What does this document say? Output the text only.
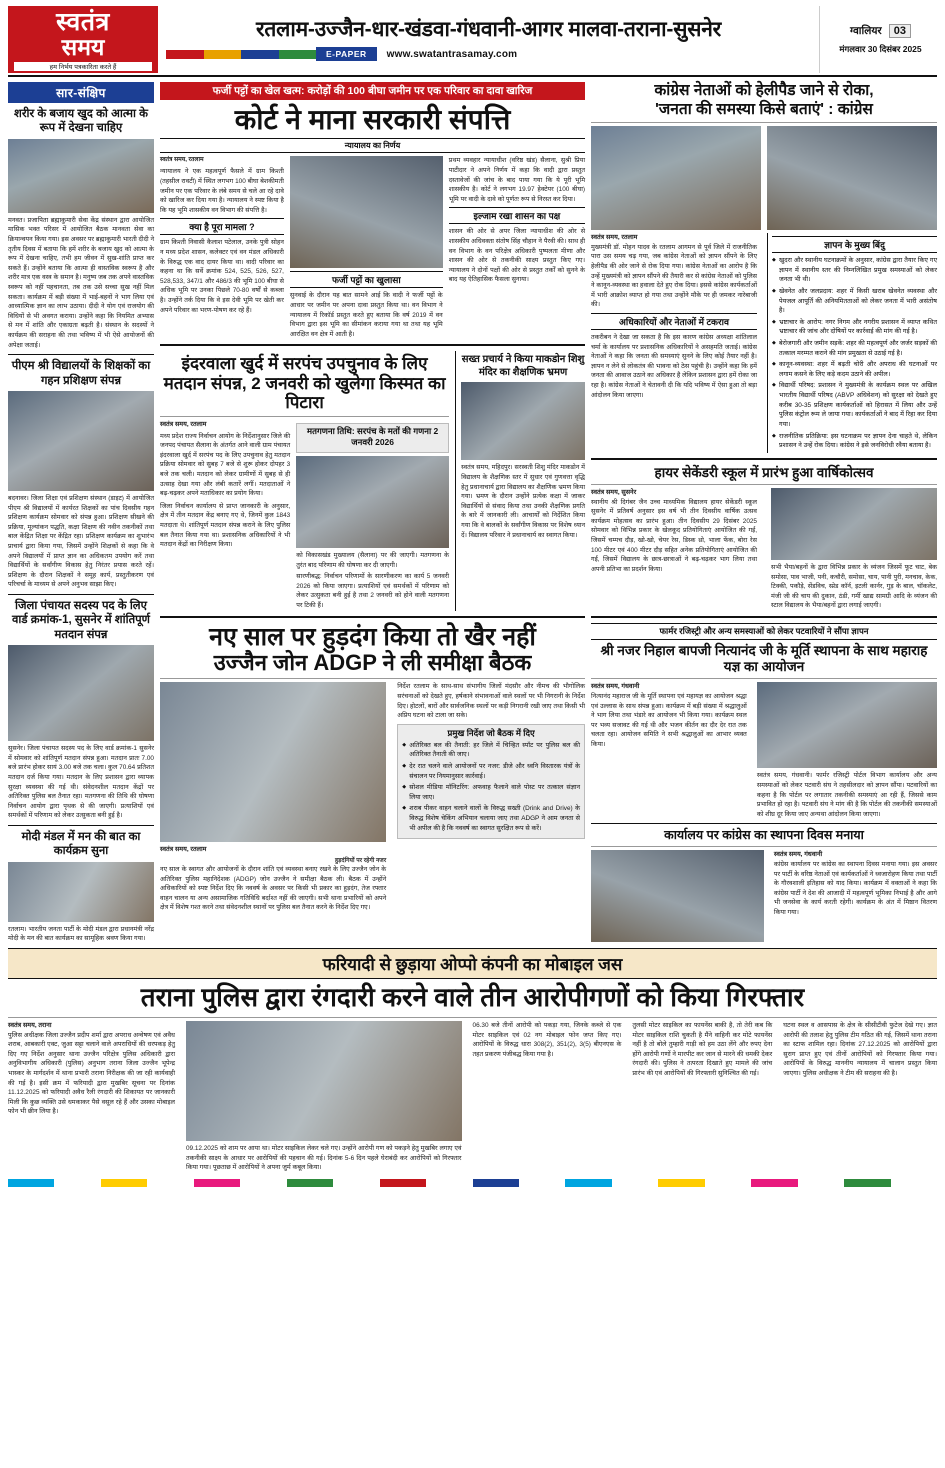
स्वतंत्र
समय
हम निर्भय पत्रकारिता करते हैं
रतलाम-उज्जैन-धार-खंडवा-गंधवानी-आगर मालवा-तराना-सुसनेर
E-PAPER	www.swatantrasamay.com
ग्वालियर	03
मंगलवार 30 दिसंबर 2025
सार-संक्षिप
शरीर के बजाय खुद को आत्मा के रूप में देखना चाहिए
मनवत। प्रजापिता ब्रह्माकुमारी सेवा केंद्र संस्थान द्वारा आयोजित मासिक भक्त परिसर में आयोजित बैठक मानवता सेवा का क्रियान्वयन किया गया। इस अवसर पर ब्रह्माकुमारी भारती दीदी ने तृतीय दिवस में बताया कि हमें शरीर के बजाय खुद को आत्मा के रूप में देखना चाहिए, तभी हम जीवन में सुख-शांति प्राप्त कर सकते हैं। उन्होंने बताया कि आत्मा ही वास्तविक स्वरूप है और शरीर मात्र एक वस्त्र के समान है। मनुष्य जब तक अपने वास्तविक स्वरूप को नहीं पहचानता, तब तक उसे सच्चा सुख नहीं मिल सकता। कार्यक्रम में बड़ी संख्या में भाई-बहनों ने भाग लिया एवं आध्यात्मिक ज्ञान का लाभ उठाया। दीदी ने योग एवं राजयोग की विधियों से भी अवगत कराया। उन्होंने कहा कि नियमित अभ्यास से मन में शांति और एकाग्रता बढ़ती है। संस्थान के सदस्यों ने कार्यक्रम की सराहना की तथा भविष्य में भी ऐसे आयोजनों की अपेक्षा जताई।
पीएम श्री विद्यालयों के शिक्षकों का गहन प्रशिक्षण संपन्न
बदनावर। जिला शिक्षा एवं प्रशिक्षण संस्थान (डाइट) में आयोजित पीएम श्री विद्यालयों में कार्यरत शिक्षकों का पांच दिवसीय गहन प्रशिक्षण कार्यक्रम सोमवार को संपन्न हुआ। प्रशिक्षण सीखने की प्रक्रिया, मूल्यांकन पद्धति, कक्षा शिक्षण की नवीन तकनीकों तथा बाल केंद्रित शिक्षा पर केंद्रित रहा। प्रशिक्षण कार्यक्रम का शुभारंभ प्राचार्य द्वारा किया गया, जिसमें उन्होंने शिक्षकों से कहा कि वे अपने विद्यालयों में प्राप्त ज्ञान का अधिकतम उपयोग करें तथा विद्यार्थियों के सर्वांगीण विकास हेतु निरंतर प्रयास करते रहें। प्रशिक्षण के दौरान शिक्षकों ने समूह कार्य, प्रस्तुतीकरण एवं परिचर्चा के माध्यम से अपने अनुभव साझा किए।
जिला पंचायत सदस्य पद के लिए वार्ड क्रमांक-1, सुसनेर में शांतिपूर्ण मतदान संपन्न
सुसनेर। जिला पंचायत सदस्य पद के लिए वार्ड क्रमांक-1 सुसनेर में सोमवार को शांतिपूर्ण मतदान संपन्न हुआ। मतदान प्रातः 7.00 बजे प्रारंभ होकर सायं 3.00 बजे तक चला। कुल 70.64 प्रतिशत मतदान दर्ज किया गया। मतदान के लिए प्रशासन द्वारा व्यापक सुरक्षा व्यवस्था की गई थी। संवेदनशील मतदान केंद्रों पर अतिरिक्त पुलिस बल तैनात रहा। मतगणना की तिथि की घोषणा निर्वाचन आयोग द्वारा पृथक से की जाएगी। प्रत्याशियों एवं समर्थकों में परिणाम को लेकर उत्सुकता बनी हुई है।
मोदी मंडल में मन की बात का कार्यक्रम सुना
रतलाम। भारतीय जनता पार्टी के मोदी मंडल द्वारा प्रधानमंत्री नरेंद्र मोदी के मन की बात कार्यक्रम का सामूहिक श्रवण किया गया।
फर्जी पट्टों का खेल खत्म: करोड़ों की 100 बीघा जमीन पर एक परिवार का दावा खारिज
कोर्ट ने माना सरकारी संपत्ति
न्यायालय का निर्णय
स्वतंत्र समय, रतलाम
न्यायालय ने एक महत्वपूर्ण फैसले में ग्राम किश्ती (तहसील रावटी) में स्थित लगभग 100 बीघा बेशकीमती जमीन पर एक परिवार के लंबे समय से चले आ रहे दावे को खारिज कर दिया गया है। न्यायालय ने स्पष्ट किया है कि यह भूमि शासकीय वन विभाग की संपत्ति है।
क्या है पूरा मामला ?
ग्राम किश्ती निवासी कैलाश पटेलाल, उनके पुत्री सोहन न मध्य प्रदेश शासन, कलेक्टर एवं वन मंडल अधिकारी के विरुद्ध एक वाद दायर किया था। वादी परिवार का कहना था कि सर्वे क्रमांक 524, 525, 526, 527, 528,533, 347/1 और 486/3 की भूमि 100 बीघा से अधिक भूमि पर उनका पिछले 70-80 वर्षों से कब्जा है। उन्होंने तर्क दिया कि वे इस देवी भूमि पर खेती कर अपने परिवार का भरण-पोषण कर रहे हैं।
फर्जी पट्टों का खुलासा
सुनवाई के दौरान यह बात सामने आई कि वादी ने फर्जी पट्टों के आधार पर जमीन पर अपना दावा प्रस्तुत किया था। वन विभाग ने न्यायालय में रिकॉर्ड प्रस्तुत करते हुए बताया कि वर्ष 2019 में वन विभाग द्वारा इस भूमि का सीमांकन कराया गया था तथा यह भूमि आरक्षित वन क्षेत्र में आती है।
प्रथम व्यवहार न्यायाधीश (वरिष्ठ खंड) सैलाना, सुश्री प्रिया पाटीदार ने अपने निर्णय में कहा कि वादी द्वारा प्रस्तुत दस्तावेजों की जांच के बाद पाया गया कि ये पूरी भूमि शासकीय है। कोर्ट ने लगभग 19.97 हेक्टेयर (100 बीघा) भूमि पर वादी के दावे को पूर्णतः रूप से निरस्त कर दिया।
इल्जाम रखा शासन का पक्ष
शासन की ओर से अपर जिला न्यायाधीश की ओर से शासकीय अधिवक्ता संतोष सिंह चौहान ने पैरवी की। साथ ही वन विभाग के वन परिक्षेत्र अधिकारी पुष्पलता मीणा और शासन की ओर से तकनीकी साक्ष्य प्रस्तुत किए गए। न्यायालय ने दोनों पक्षों की ओर से प्रस्तुत तर्कों को सुनने के बाद यह ऐतिहासिक फैसला सुनाया।
इंदरवाला खुर्द में सरपंच उपचुनाव के लिए मतदान संपन्न, 2 जनवरी को खुलेगा किस्मत का पिटारा
स्वतंत्र समय, रतलाम
मध्य प्रदेश राज्य निर्वाचन आयोग के निर्देशानुसार जिले की जनपद पंचायत सैलाना के अंतर्गत आने वाली ग्राम पंचायत इंदरवाला खुर्द में सरपंच पद के लिए उपचुनाव हेतु मतदान प्रक्रिया सोमवार को सुबह 7 बजे से शुरू होकर दोपहर 3 बजे तक चली। मतदान को लेकर ग्रामीणों में सुबह से ही उत्साह देखा गया और लंबी कतारें लगीं। मतदाताओं ने बढ़-चढ़कर अपने मताधिकार का प्रयोग किया।
जिला निर्वाचन कार्यालय से प्राप्त जानकारी के अनुसार, क्षेत्र में तीन मतदान केंद्र बनाए गए थे, जिनमें कुल 1843 मतदाता थे। शांतिपूर्ण मतदान संपन्न कराने के लिए पुलिस बल तैनात किया गया था। प्रशासनिक अधिकारियों ने भी मतदान केंद्रों का निरीक्षण किया।
मतगणना तिथि: सरपंच के मतों की गणना 2 जनवरी 2026
को विकासखंड मुख्यालय (सैलाना) पर की जाएगी। मतगणना के तुरंत बाद परिणाम की घोषणा कर दी जाएगी।
सारणीबद्ध: निर्वाचन परिणामों के सारणीकरण का कार्य 5 जनवरी 2026 को किया जाएगा। प्रत्याशियों एवं समर्थकों में परिणाम को लेकर उत्सुकता बनी हुई है तथा 2 जनवरी को होने वाली मतगणना पर टिकी हैं।
सख्त प्रचार्य ने किया माकडोन शिशु मंदिर का शैक्षणिक भ्रमण
स्वतंत्र समय, महिदपुर। सरस्वती शिशु मंदिर माकडोन में विद्यालय के शैक्षणिक स्तर में सुधार एवं गुणवत्ता वृद्धि हेतु प्रधानाचार्य द्वारा विद्यालय का शैक्षणिक भ्रमण किया गया। भ्रमण के दौरान उन्होंने प्रत्येक कक्षा में जाकर विद्यार्थियों से संवाद किया तथा उनकी शैक्षणिक प्रगति के बारे में जानकारी ली। आचार्यों को निर्देशित किया गया कि वे बालकों के सर्वांगीण विकास पर विशेष ध्यान दें। विद्यालय परिवार ने प्रधानाचार्य का स्वागत किया।
नए साल पर हुड़दंग किया तो खैर नहीं
उज्जैन जोन ADGP ने ली समीक्षा बैठक
स्वतंत्र समय, रतलाम
हुड़दंगियों पर रहेगी नजर
नए साल के स्वागत और आयोजनों के दौरान शांति एवं व्यवस्था बनाए रखने के लिए उज्जैन जोन के अतिरिक्त पुलिस महानिदेशक (ADGP) जोन उज्जैन ने समीक्षा बैठक ली। बैठक में उन्होंने अधिकारियों को स्पष्ट निर्देश दिए कि नववर्ष के अवसर पर किसी भी प्रकार का हुड़दंग, तेज रफ्तार वाहन चालन या अन्य असामाजिक गतिविधि बर्दाश्त नहीं की जाएगी। सभी थाना प्रभारियों को अपने क्षेत्र में विशेष गश्त करने तथा संवेदनशील स्थानों पर पुलिस बल तैनात करने के निर्देश दिए गए।
निर्देश रतलाम के साथ-साथ संभागीय जिलों मंदसौर और नीमच की भौगोलिक सरंचनाओं को देखते हुए, हर्षकाने संभावनाओं वाले स्थलों पर भी निगरानी के निर्देश दिए। होटलों, बारों और सार्वजनिक स्थलों पर कड़ी निगरानी रखी जाए तथा किसी भी अप्रिय घटना को टाला जा सके।
प्रमुख निर्देश जो बैठक में दिए
◆ अतिरिक्त बल की तैनाती: हर जिले में चिन्हित स्पॉट पर पुलिस बल की अतिरिक्त तैनाती की जाए।
◆ देर रात चलने वाले आयोजनों पर नजर: डीजे और ध्वनि विस्तारक यंत्रों के संचालन पर नियमानुसार कार्रवाई।
◆ सोशल मीडिया मॉनिटरिंग: अफवाह फैलाने वाले पोस्ट पर तत्काल संज्ञान लिया जाए।
◆ शराब पीकर वाहन चलाने वालों के विरुद्ध सख्ती (Drink and Drive) के विरुद्ध विशेष चेकिंग अभियान चलाया जाए तथा ADGP ने आम जनता से भी अपील की है कि नववर्ष का स्वागत सुरक्षित रूप से करें।
कांग्रेस नेताओं को हेलीपैड जाने से रोका,
'जनता की समस्या किसे बताएं' : कांग्रेस
स्वतंत्र समय, रतलाम
मुख्यमंत्री डॉ. मोहन यादव के रतलाम आगमन से पूर्व जिले में राजनीतिक पारा उस समय चढ़ गया, जब कांग्रेस नेताओं को ज्ञापन सौंपने के लिए हेलीपैड की ओर जाने से रोक दिया गया। कांग्रेस नेताओं का आरोप है कि उन्हें मुख्यमंत्री को ज्ञापन सौंपने की तैयारी कर से कांग्रेस नेताओं को पुलिस ने कानून-व्यवस्था का हवाला देते हुए रोक दिया। इससे कांग्रेस कार्यकर्ताओं में भारी आक्रोश व्याप्त हो गया तथा उन्होंने मौके पर ही जमकर नारेबाजी की।
अधिकारियों और नेताओं में टकराव
तकरीबन ने देखा जा सकता है कि इस कारण कांग्रेस अध्यक्षा शांतिलाल चर्मा के कार्यालय पर प्रशासनिक अधिकारियों ने असहमति जताई। कांग्रेस नेताओं ने कहा कि जनता की समस्याएं सुनने के लिए कोई तैयार नहीं है। ज्ञापन न लेने से लोकतंत्र की भावना को ठेस पहुंची है। उन्होंने कहा कि हमें जनता की आवाज उठाने का अधिकार है लेकिन प्रशासन द्वारा हमें रोका जा रहा है। कांग्रेस नेताओं ने चेतावनी दी कि यदि भविष्य में ऐसा हुआ तो बड़ा आंदोलन किया जाएगा।
ज्ञापन के मुख्य बिंदु
◆ खुदरा और स्थानीय घटनाक्रमों के अनुसार, कांग्रेस द्वारा तैयार किए गए ज्ञापन में स्थानीय स्तर की निम्नलिखित प्रमुख समस्याओं को लेकर जनता भी थी।
◆ खेवनेत और जलप्रदाय: शहर में किसी खराब खेवनेत व्यवस्था और पेयजल आपूर्ति की अनियमितताओं को लेकर जनता में भारी असंतोष है।
◆ भ्रष्टाचार के आरोप: नगर निगम और नगरीय प्रशासन में व्याप्त कथित भ्रष्टाचार की जांच और दोषियों पर कार्रवाई की मांग की गई है।
◆ बेरोजगारी और जमीन सड़कें: शहर की महत्वपूर्ण और जर्जर सड़कों की तत्काल मरम्मत कराने की मांग प्रमुखता से उठाई गई है।
◆ कानून-व्यवस्था: शहर में बढ़ती चोरी और अपराध की घटनाओं पर लगाम कसने के लिए कड़े कदम उठाने की अपील।
◆ विद्यार्थी परिषद: प्रशासन ने मुख्यमंत्री के कार्यक्रम स्थल पर अखिल भारतीय विद्यार्थी परिषद (ABVP अधिवेशन) को सुरक्षा को देखते हुए करीब 30-35 प्रशिक्षण कार्यकर्ताओं को हिरासत में लिया और उन्हें पुलिस कंट्रोल रूम ले जाया गया। कार्यकर्ताओं ने बाद में रिहा कर दिया गया।
◆ राजनीतिक प्रतिक्रिया: इस घटनाक्रम पर ज्ञापन देना चाहते थे, लेकिन प्रशासन ने उन्हें रोक दिया। कांग्रेस ने इसे जनविरोधी रवैया बताया है।
हायर सेकेंडरी स्कूल में प्रारंभ हुआ वार्षिकोत्सव
स्वतंत्र समय, सुसनेर
स्थानीय श्री दिगंबर जैन उच्च माध्यमिक विद्यालय हायर सेकेंडरी स्कूल सुसनेर में प्रतिवर्ष अनुसार इस वर्ष भी तीन दिवसीय वार्षिक उत्सव कार्यक्रम मोहत्सव का प्रारंभ हुआ। तीन दिवसीय 29 दिसंबर 2025 सोमवार को विभिन्न प्रकार के खेलकूद प्रतियोगिताएं आयोजित की गईं, जिसमें चम्मच दौड़, खो-खो, चेयर रेस, डिस्क थ्रो, भाला फेंक, बोरा रेस 100 मीटर एवं 400 मीटर दौड़ सहित अनेक प्रतियोगिताएं आयोजित की गईं, जिसमें विद्यालय के छात्र-छात्राओं ने बढ़-चढ़कर भाग लिया तथा अपनी प्रतिभा का प्रदर्शन किया।	सभी भैया/बहनों के द्वारा विभिन्न प्रकार के व्यंजन जिसमें फूट चाट, बेक समोसा, पाव भाजी, पनी, कचौरी, समोसा, चाय, पानी पुरी, मनचाव, केक, टिक्की, पकौड़े, सेंडविच, स्प्रेड कॉर्न, इटली कार्नर, गुड़ के बाल, चॉकलेट, मंजी जी की चाय की दुकान, ठंडी, गर्मी खाद्य सामग्री आदि के व्यंजन की स्टाल विद्यालय के भैया/बहनों द्वारा लगाई जाएगी।
फार्मर रजिस्ट्री और अन्य समस्याओं को लेकर पटवारियों ने सौंपा ज्ञापन
श्री नजर निहाल बापजी नित्यानंद जी के मूर्ति स्थापना के साथ महाराह यज्ञ का आयोजन
स्वतंत्र समय, गंधवानी
नित्यानंद महाराज जी के मूर्ति स्थापना एवं महायज्ञ का आयोजन श्रद्धा एवं उल्लास के साथ संपन्न हुआ। कार्यक्रम में बड़ी संख्या में श्रद्धालुओं ने भाग लिया तथा भंडारे का आयोजन भी किया गया। कार्यक्रम स्थल पर भव्य सजावट की गई थी और भजन कीर्तन का दौर देर रात तक चलता रहा। आयोजन समिति ने सभी श्रद्धालुओं का आभार व्यक्त किया।
स्वतंत्र समय, गंधवानी। फार्मर रजिस्ट्री पोर्टल विभाग कार्यालय और अन्य समस्याओं को लेकर पटवारी संघ ने तहसीलदार को ज्ञापन सौंपा। पटवारियों का कहना है कि पोर्टल पर लगातार तकनीकी समस्याएं आ रही हैं, जिससे काम प्रभावित हो रहा है। पटवारी संघ ने मांग की है कि पोर्टल की तकनीकी समस्याओं को शीघ्र दूर किया जाए अन्यथा आंदोलन किया जाएगा।
कार्यालय पर कांग्रेस का स्थापना दिवस मनाया
स्वतंत्र समय, गंधवानी
कांग्रेस कार्यालय पर कांग्रेस का स्थापना दिवस मनाया गया। इस अवसर पर पार्टी के वरिष्ठ नेताओं एवं कार्यकर्ताओं ने ध्वजारोहण किया तथा पार्टी के गौरवशाली इतिहास को याद किया। कार्यक्रम में वक्ताओं ने कहा कि कांग्रेस पार्टी ने देश की आजादी में महत्वपूर्ण भूमिका निभाई है और आगे भी जनसेवा के कार्य करती रहेगी। कार्यक्रम के अंत में मिष्ठान वितरण किया गया।
फरियादी से छुड़ाया ओप्पो कंपनी का मोबाइल जस
तराना पुलिस द्वारा रंगदारी करने वाले तीन आरोपीगणों को किया गिरफ्तार
स्वतंत्र समय, तराना
पुलिस अधीक्षक जिला उज्जैन प्रदीप शर्मा द्वारा अपराध अन्वेषण एवं अवैध शराब, आबकारी एक्ट, जुआ सट्टा चलाने वाले अपराधियों की धरपकड़ हेतु दिए गए निर्देश अनुसार थाना उज्जैन परिक्षेत्र पुलिस अधिकारी द्वारा अनुविभागीय अधिकारी (पुलिस) अनुभाग तराना जिला उज्जैन भूपेन्द्र भास्कर के मार्गदर्शन में थाना प्रभारी तराना निरीक्षक की जा रही कार्यवाही की गई है। इसी क्रम में फरियादी द्वारा मुखबिर सूचना पर दिनांक 11.12.2025 को फरियादी अवैध रैली रंगदारी की शिकायत पर जानकारी मिली कि कुछ व्यक्ति उसे धमकाकर पैसे वसूल रहे हैं और उसका मोबाइल फोन भी छीन लिया है।
09.12.2025 को शाम पर आया था। मोटर साइकिल लेकर चले गए। उन्होंने आरोपी गण को पकड़ने हेतु मुखबिर लगाए एवं तकनीकी साक्ष्य के आधार पर आरोपियों की पहचान की गई। दिनांक 5-6 दिन पहले घेराबंदी कर आरोपियों को गिरफ्तार किया गया। पूछताछ में आरोपियों ने अपना जुर्म कबूल किया।
06.30 बजे तीनों आरोपी को पकड़ा गया, जिनके कब्जे से एक मोटर साइकिल एवं 02 नग मोबाइल फोन जप्त किए गए। आरोपियों के विरुद्ध धारा 308(2), 351(2), 3(5) बीएनएस के तहत प्रकरण पंजीबद्ध किया गया है।
तुलसी मोटर साइकिल का फायनेंस बाकी है, तो तेरी कब कि मोटर साइकिल राशि चुकती है मैंने वाहिनी कर मोटे फायनेंस नहीं है तो बोले तुम्हारी गाड़ी को हम उठा लेंगे और रुपए देना होंगे आरोपी गणों ने मारपीट कर जान से मारने की धमकी देकर रंगदारी की। पुलिस ने तत्परता दिखाते हुए मामले की जांच प्रारंभ की एवं आरोपियों की गिरफ्तारी सुनिश्चित की गई।
घटना स्थल व आसपास के क्षेत्र के सीसीटीवी फुटेज देखे गए। ज्ञात आरोपी की तलाश हेतु पुलिस टीम गठित की गई, जिसमें थाना तराना का स्टाफ शामिल रहा। दिनांक 27.12.2025 को आरोपियों द्वारा सुराग प्राप्त हुए एवं तीनों आरोपियों को गिरफ्तार किया गया। आरोपियों के विरुद्ध माननीय न्यायालय में चालान प्रस्तुत किया जाएगा। पुलिस अधीक्षक ने टीम की सराहना की है।
